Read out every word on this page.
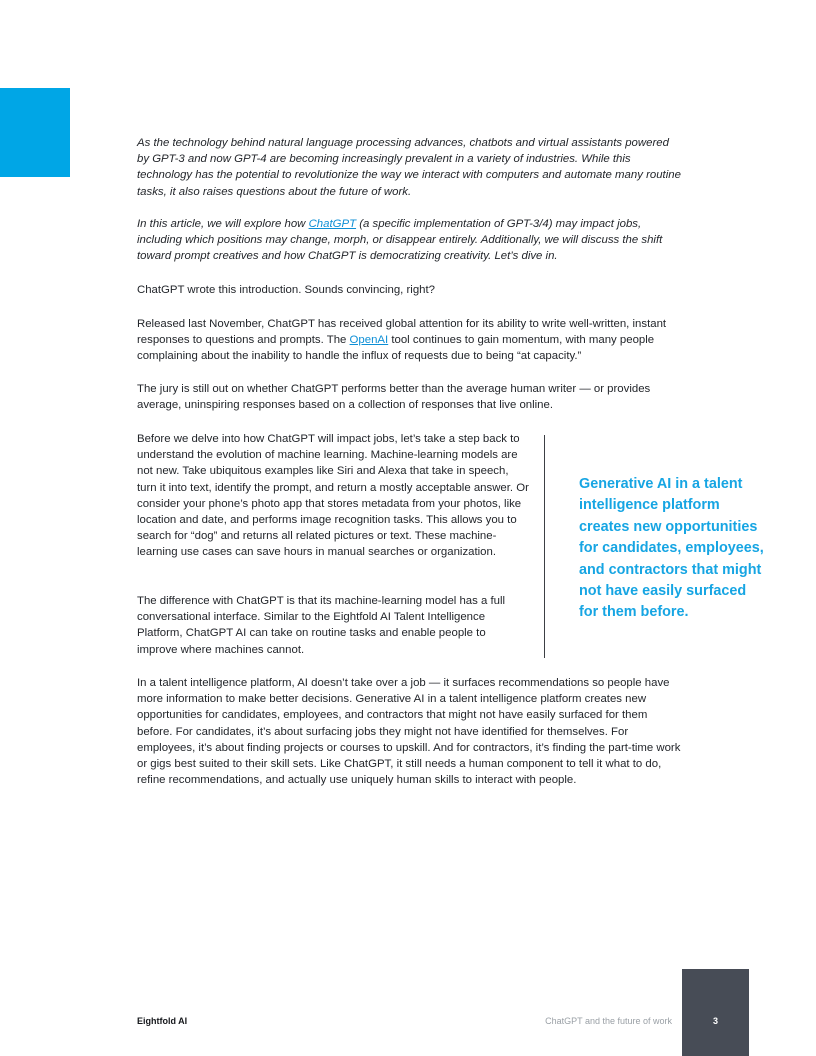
As the technology behind natural language processing advances, chatbots and virtual assistants powered by GPT-3 and now GPT-4 are becoming increasingly prevalent in a variety of industries. While this technology has the potential to revolutionize the way we interact with computers and automate many routine tasks, it also raises questions about the future of work.

In this article, we will explore how ChatGPT (a specific implementation of GPT-3/4) may impact jobs, including which positions may change, morph, or disappear entirely. Additionally, we will discuss the shift toward prompt creatives and how ChatGPT is democratizing creativity. Let’s dive in.

ChatGPT wrote this introduction. Sounds convincing, right?

Released last November, ChatGPT has received global attention for its ability to write well-written, instant responses to questions and prompts. The OpenAI tool continues to gain momentum, with many people complaining about the inability to handle the influx of requests due to being “at capacity.”

The jury is still out on whether ChatGPT performs better than the average human writer — or provides average, uninspiring responses based on a collection of responses that live online.

Before we delve into how ChatGPT will impact jobs, let’s take a step back to understand the evolution of machine learning. Machine-learning models are not new. Take ubiquitous examples like Siri and Alexa that take in speech, turn it into text, identify the prompt, and return a mostly acceptable answer. Or consider your phone’s photo app that stores metadata from your photos, like location and date, and performs image recognition tasks. This allows you to search for “dog” and returns all related pictures or text. These machine-learning use cases can save hours in manual searches or organization.

The difference with ChatGPT is that its machine-learning model has a full conversational interface. Similar to the Eightfold AI Talent Intelligence Platform, ChatGPT AI can take on routine tasks and enable people to improve where machines cannot.

Generative AI in a talent intelligence platform creates new opportunities for candidates, employees, and contractors that might not have easily surfaced for them before.

In a talent intelligence platform, AI doesn’t take over a job — it surfaces recommendations so people have more information to make better decisions. Generative AI in a talent intelligence platform creates new opportunities for candidates, employees, and contractors that might not have easily surfaced for them before. For candidates, it’s about surfacing jobs they might not have identified for themselves. For employees, it’s about finding projects or courses to upskill. And for contractors, it’s finding the part-time work or gigs best suited to their skill sets. Like ChatGPT, it still needs a human component to tell it what to do, refine recommendations, and actually use uniquely human skills to interact with people.

Eightfold AI	ChatGPT and the future of work	3
